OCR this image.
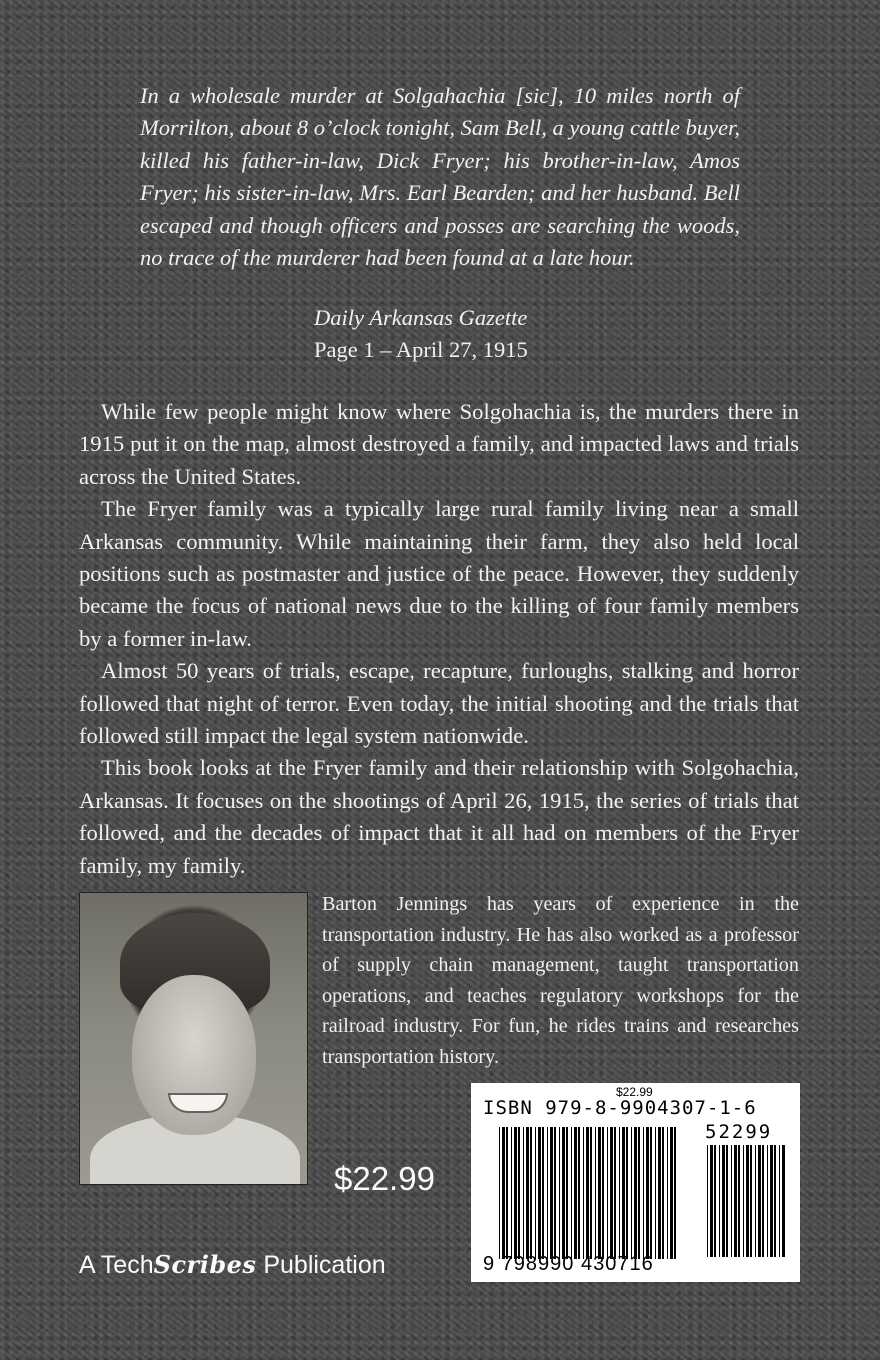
In a wholesale murder at Solgahachia [sic], 10 miles north of Morrilton, about 8 o’clock tonight, Sam Bell, a young cattle buyer, killed his father-in-law, Dick Fryer; his brother-in-law, Amos Fryer; his sister-in-law, Mrs. Earl Bearden; and her husband. Bell escaped and though officers and posses are searching the woods, no trace of the murderer had been found at a late hour.

Daily Arkansas Gazette
Page 1 – April 27, 1915

While few people might know where Solgohachia is, the murders there in 1915 put it on the map, almost destroyed a family, and impacted laws and trials across the United States.

The Fryer family was a typically large rural family living near a small Arkansas community. While maintaining their farm, they also held local positions such as postmaster and justice of the peace. However, they suddenly became the focus of national news due to the killing of four family members by a former in-law.

Almost 50 years of trials, escape, recapture, furloughs, stalking and horror followed that night of terror. Even today, the initial shooting and the trials that followed still impact the legal system nationwide.

This book looks at the Fryer family and their relationship with Solgohachia, Arkansas. It focuses on the shootings of April 26, 1915, the series of trials that followed, and the decades of impact that it all had on members of the Fryer family, my family.

Barton Jennings has years of experience in the transportation industry. He has also worked as a professor of supply chain management, taught transportation operations, and teaches regulatory workshops for the railroad industry. For fun, he rides trains and researches transportation history.
$22.99
A TechScribes Publication
$22.99
ISBN 979-8-9904307-1-6
52299
9 798990 430716
